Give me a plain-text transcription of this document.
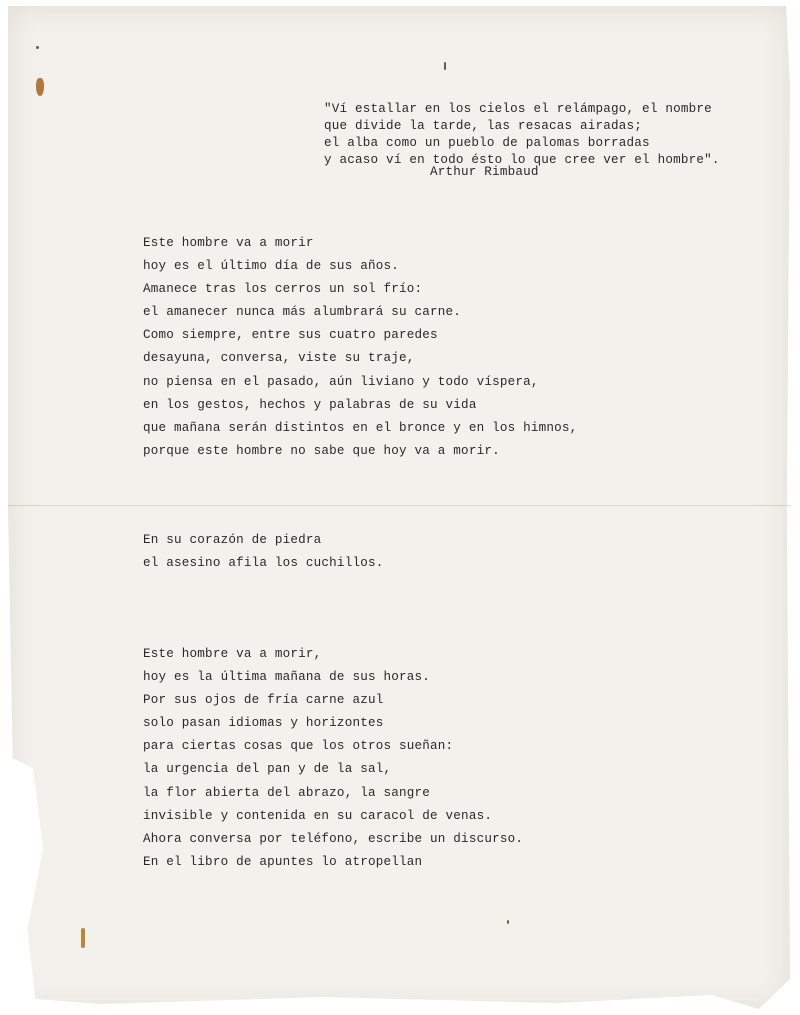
"Ví estallar en los cielos el relámpago, el nombre
que divide la tarde, las resacas airadas;
el alba como un pueblo de palomas borradas
y acaso ví en todo ésto lo que cree ver el hombre".
Arthur Rimbaud
Este hombre va a morir
hoy es el último día de sus años.
Amanece tras los cerros un sol frío:
el amanecer nunca más alumbrará su carne.
Como siempre, entre sus cuatro paredes
desayuna, conversa, viste su traje,
no piensa en el pasado, aún liviano y todo víspera,
en los gestos, hechos y palabras de su vida
que mañana serán distintos en el bronce y en los himnos,
porque este hombre no sabe que hoy va a morir.
En su corazón de piedra
el asesino afila los cuchillos.
Este hombre va a morir,
hoy es la última mañana de sus horas.
Por sus ojos de fría carne azul
solo pasan idiomas y horizontes
para ciertas cosas que los otros sueñan:
la urgencia del pan y de la sal,
la flor abierta del abrazo, la sangre
invisible y contenida en su caracol de venas.
Ahora conversa por teléfono, escribe un discurso.
En el libro de apuntes lo atropellan
